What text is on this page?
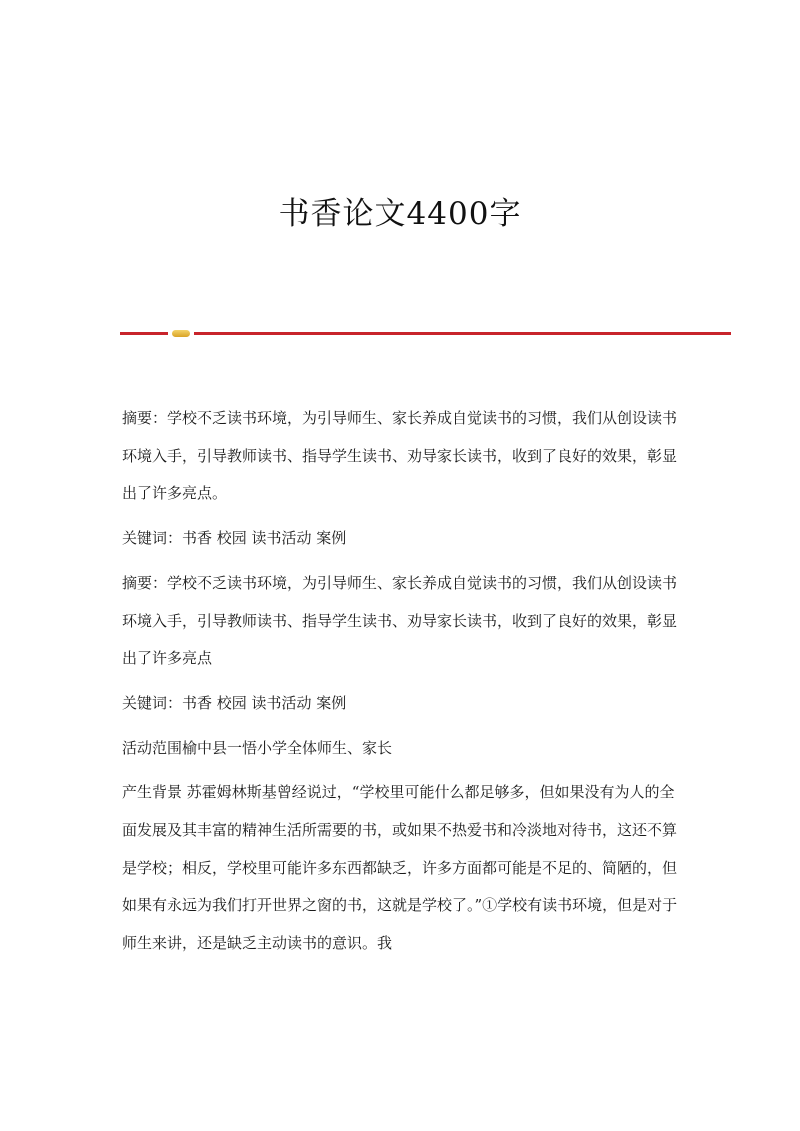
书香论文4400字

摘要：学校不乏读书环境，为引导师生、家长养成自觉读书的习惯，我们从创设读书环境入手，引导教师读书、指导学生读书、劝导家长读书，收到了良好的效果，彰显出了许多亮点。

关键词：书香 校园 读书活动 案例

摘要：学校不乏读书环境，为引导师生、家长养成自觉读书的习惯，我们从创设读书环境入手，引导教师读书、指导学生读书、劝导家长读书，收到了良好的效果，彰显出了许多亮点

关键词：书香 校园 读书活动 案例

活动范围榆中县一悟小学全体师生、家长

产生背景 苏霍姆林斯基曾经说过，“学校里可能什么都足够多，但如果没有为人的全面发展及其丰富的精神生活所需要的书，或如果不热爱书和冷淡地对待书，这还不算是学校；相反，学校里可能许多东西都缺乏，许多方面都可能是不足的、简陋的，但如果有永远为我们打开世界之窗的书，这就是学校了。”①学校有读书环境，但是对于师生来讲，还是缺乏主动读书的意识。我
